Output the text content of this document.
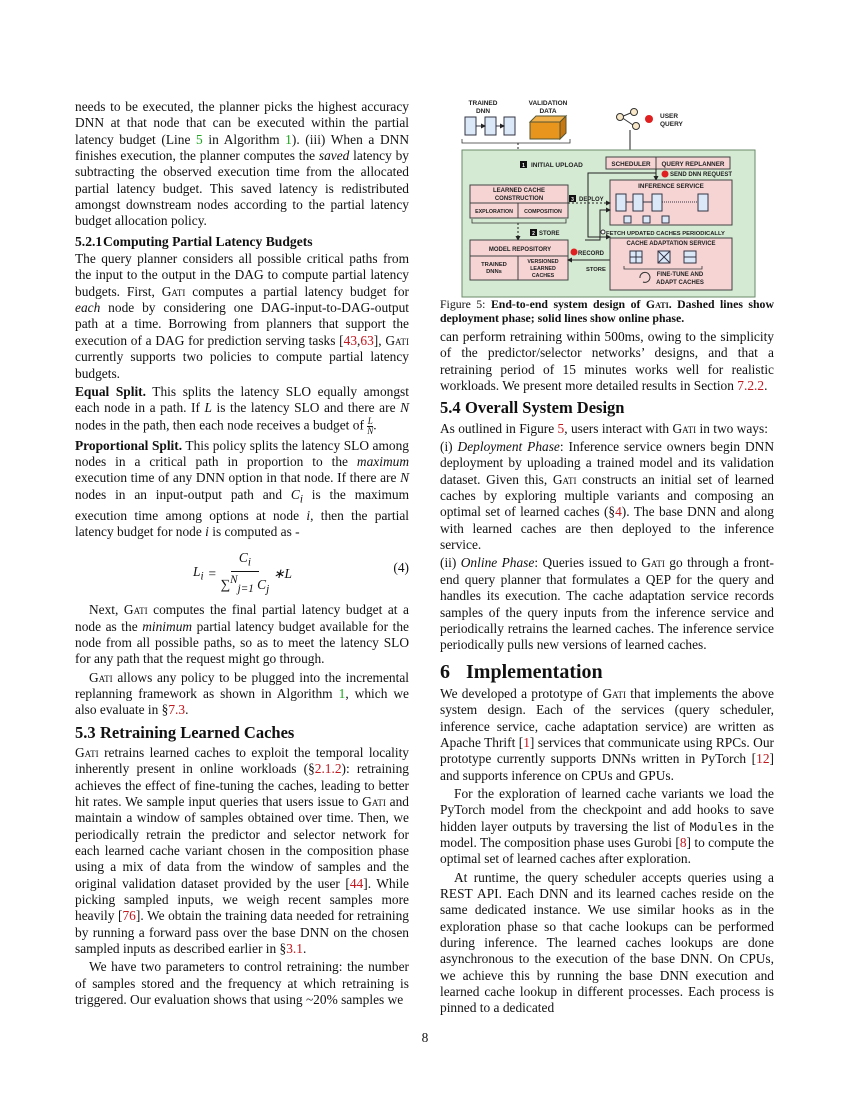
needs to be executed, the planner picks the highest accuracy DNN at that node that can be executed within the partial latency budget (Line 5 in Algorithm 1). (iii) When a DNN finishes execution, the planner computes the saved latency by subtracting the observed execution time from the allocated partial latency budget. This saved latency is redistributed amongst downstream nodes according to the partial latency budget allocation policy.

5.2.1Computing Partial Latency Budgets

The query planner considers all possible critical paths from the input to the output in the DAG to compute partial latency budgets. First, Gati computes a partial latency budget for each node by considering one DAG-input-to-DAG-output path at a time. Borrowing from planners that support the execution of a DAG for prediction serving tasks [43,63], Gati currently supports two policies to compute partial latency budgets.

Equal Split. This splits the latency SLO equally amongst each node in a path. If L is the latency SLO and there are N nodes in the path, then each node receives a budget of $\frac{L}{N}$ .

Proportional Split. This policy splits the latency SLO among nodes in a critical path in proportion to the maximum execution time of any DNN option in that node. If there are N nodes in an input-output path and $C_i$ is the maximum execution time among options at node i, then the partial latency budget for node i is computed as -

$L_i = \frac{C_i}{\sum^N_{j=1} C_j}$ ∗L	(4)

Next, Gati computes the final partial latency budget at a node as the minimum partial latency budget available for the node from all possible paths, so as to meet the latency SLO for any path that the request might go through.

Gati allows any policy to be plugged into the incremental replanning framework as shown in Algorithm 1, which we also evaluate in §7.3.

5.3 Retraining Learned Caches

Gati retrains learned caches to exploit the temporal locality inherently present in online workloads (§2.1.2): retraining achieves the effect of fine-tuning the caches, leading to better hit rates. We sample input queries that users issue to Gati and maintain a window of samples obtained over time. Then, we periodically retrain the predictor and selector network for each learned cache variant chosen in the composition phase using a mix of data from the window of samples and the original validation dataset provided by the user [44]. While picking sampled inputs, we weigh recent samples more heavily [76]. We obtain the training data needed for retraining by running a forward pass over the base DNN on the chosen sampled inputs as described earlier in §3.1.

We have two parameters to control retraining: the number of samples stored and the frequency at which retraining is triggered. Our evaluation shows that using ~20% samples we

can perform retraining within 500ms, owing to the simplicity of the predictor/selector networks’ designs, and that a retraining period of 15 minutes works well for realistic workloads. We present more detailed results in Section 7.2.2.

5.4 Overall System Design

As outlined in Figure 5, users interact with Gati in two ways:

(i) Deployment Phase: Inference service owners begin DNN deployment by uploading a trained model and its validation dataset. Given this, Gati constructs an initial set of learned caches by exploring multiple variants and composing an optimal set of learned caches (§4). The base DNN and along with learned caches are then deployed to the inference service.

(ii) Online Phase: Queries issued to Gati go through a front-end query planner that formulates a QEP for the query and handles its execution. The cache adaptation service records samples of the query inputs from the inference service and periodically retrains the learned caches. The inference service periodically pulls new versions of learned caches.

6 Implementation

We developed a prototype of Gati that implements the above system design. Each of the services (query scheduler, inference service, cache adaptation service) are written as Apache Thrift [1] services that communicate using RPCs. Our prototype currently supports DNNs written in PyTorch [12] and supports inference on CPUs and GPUs.

For the exploration of learned cache variants we load the PyTorch model from the checkpoint and add hooks to save hidden layer outputs by traversing the list of Modules in the model. The composition phase uses Gurobi [8] to compute the optimal set of learned caches after exploration.

At runtime, the query scheduler accepts queries using a REST API. Each DNN and its learned caches reside on the same dedicated instance. We use similar hooks as in the exploration phase so that cache lookups can be performed during inference. The learned caches lookups are done asynchronous to the execution of the base DNN. On CPUs, we achieve this by running the base DNN execution and learned cache lookup in different processes. Each process is pinned to a dedicated

TRAINED
DNN
VALIDATION
DATA
USER
QUERY
1 INITIAL UPLOAD	SCHEDULER QUERY REPLANNER
SEND DNN REQUEST
INFERENCE SERVICE
LEARNED CACHE
CONSTRUCTION
EXPLORATION COMPOSITION
3 DEPLOY
2 STORE	FETCH UPDATED CACHES PERIODICALLY
MODEL REPOSITORY
TRAINED
DNNs
VERSIONED
LEARNED
CACHES
RECORD
STORE
CACHE ADAPTATION SERVICE
FINE-TUNE AND
ADAPT CACHES
Figure 5: End-to-end system design of Gati. Dashed lines show deployment phase; solid lines show online phase.
8
